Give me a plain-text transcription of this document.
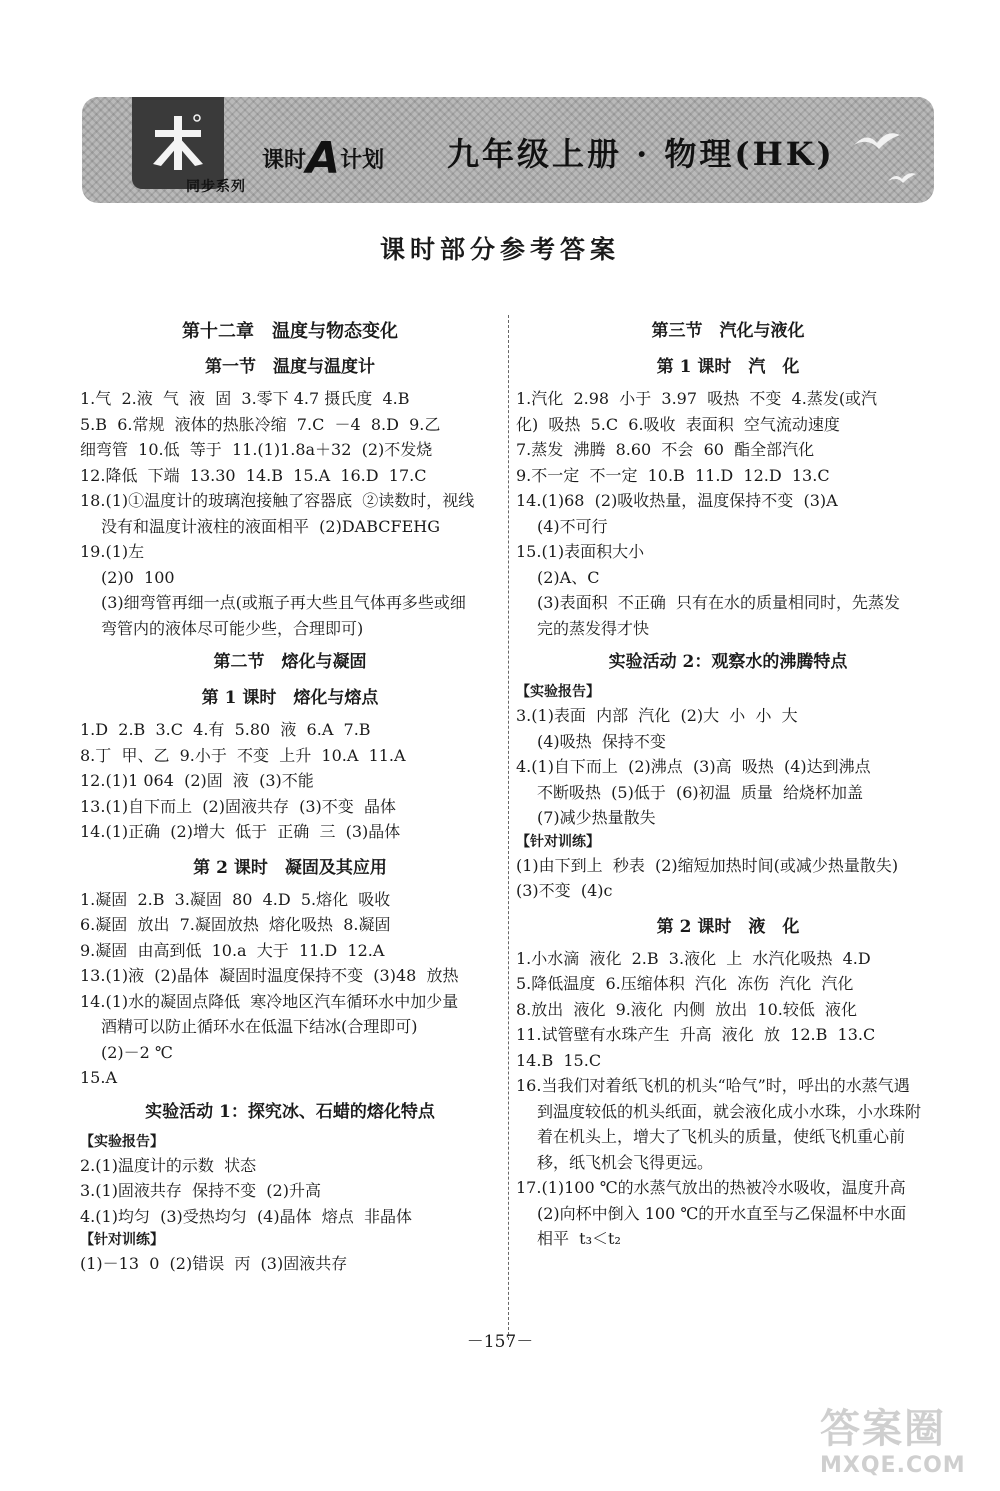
同步系列
课时A计划 九年级上册 · 物理(HK)
课时部分参考答案
第十二章　温度与物态变化
第一节　温度与温度计
1.气  2.液  气  液  固  3.零下 4.7 摄氏度  4.B
5.B  6.常规  液体的热胀冷缩  7.C  －4  8.D  9.乙
细弯管  10.低  等于  11.(1)1.8a＋32  (2)不发烧
12.降低  下端  13.30  14.B  15.A  16.D  17.C
18.(1)①温度计的玻璃泡接触了容器底  ②读数时，视线
没有和温度计液柱的液面相平  (2)DABCFEHG
19.(1)左
(2)0  100
(3)细弯管再细一点(或瓶子再大些且气体再多些或细
弯管内的液体尽可能少些，合理即可)
第二节　熔化与凝固
第 1 课时　熔化与熔点
1.D  2.B  3.C  4.有  5.80  液  6.A  7.B
8.丁  甲、乙  9.小于  不变  上升  10.A  11.A
12.(1)1 064  (2)固  液  (3)不能
13.(1)自下而上  (2)固液共存  (3)不变  晶体
14.(1)正确  (2)增大  低于  正确  三  (3)晶体
第 2 课时　凝固及其应用
1.凝固  2.B  3.凝固  80  4.D  5.熔化  吸收
6.凝固  放出  7.凝固放热  熔化吸热  8.凝固
9.凝固  由高到低  10.a  大于  11.D  12.A
13.(1)液  (2)晶体  凝固时温度保持不变  (3)48  放热
14.(1)水的凝固点降低  寒冷地区汽车循环水中加少量
酒精可以防止循环水在低温下结冰(合理即可)
(2)－2 ℃
15.A
实验活动 1：探究冰、石蜡的熔化特点
【实验报告】
2.(1)温度计的示数  状态
3.(1)固液共存  保持不变  (2)升高
4.(1)均匀  (3)受热均匀  (4)晶体  熔点  非晶体
【针对训练】
(1)－13  0  (2)错误  丙  (3)固液共存
第三节　汽化与液化
第 1 课时　汽　化
1.汽化  2.98  小于  3.97  吸热  不变  4.蒸发(或汽
化)  吸热  5.C  6.吸收  表面积  空气流动速度
7.蒸发  沸腾  8.60  不会  60  酯全部汽化
9.不一定  不一定  10.B  11.D  12.D  13.C
14.(1)68  (2)吸收热量，温度保持不变  (3)A
(4)不可行
15.(1)表面积大小
(2)A、C
(3)表面积  不正确  只有在水的质量相同时，先蒸发
完的蒸发得才快
实验活动 2：观察水的沸腾特点
【实验报告】
3.(1)表面  内部  汽化  (2)大  小  小  大
(4)吸热  保持不变
4.(1)自下而上  (2)沸点  (3)高  吸热  (4)达到沸点
不断吸热  (5)低于  (6)初温  质量  给烧杯加盖
(7)减少热量散失
【针对训练】
(1)由下到上  秒表  (2)缩短加热时间(或减少热量散失)
(3)不变  (4)c
第 2 课时　液　化
1.小水滴  液化  2.B  3.液化  上  水汽化吸热  4.D
5.降低温度  6.压缩体积  汽化  冻伤  汽化  汽化
8.放出  液化  9.液化  内侧  放出  10.较低  液化
11.试管壁有水珠产生  升高  液化  放  12.B  13.C
14.B  15.C
16.当我们对着纸飞机的机头“哈气”时，呼出的水蒸气遇
到温度较低的机头纸面，就会液化成小水珠，小水珠附
着在机头上，增大了飞机头的质量，使纸飞机重心前
移，纸飞机会飞得更远。
17.(1)100 ℃的水蒸气放出的热被冷水吸收，温度升高
(2)向杯中倒入 100 ℃的开水直至与乙保温杯中水面
相平  t₃＜t₂
－157－
答案圈
MXQE.COM
